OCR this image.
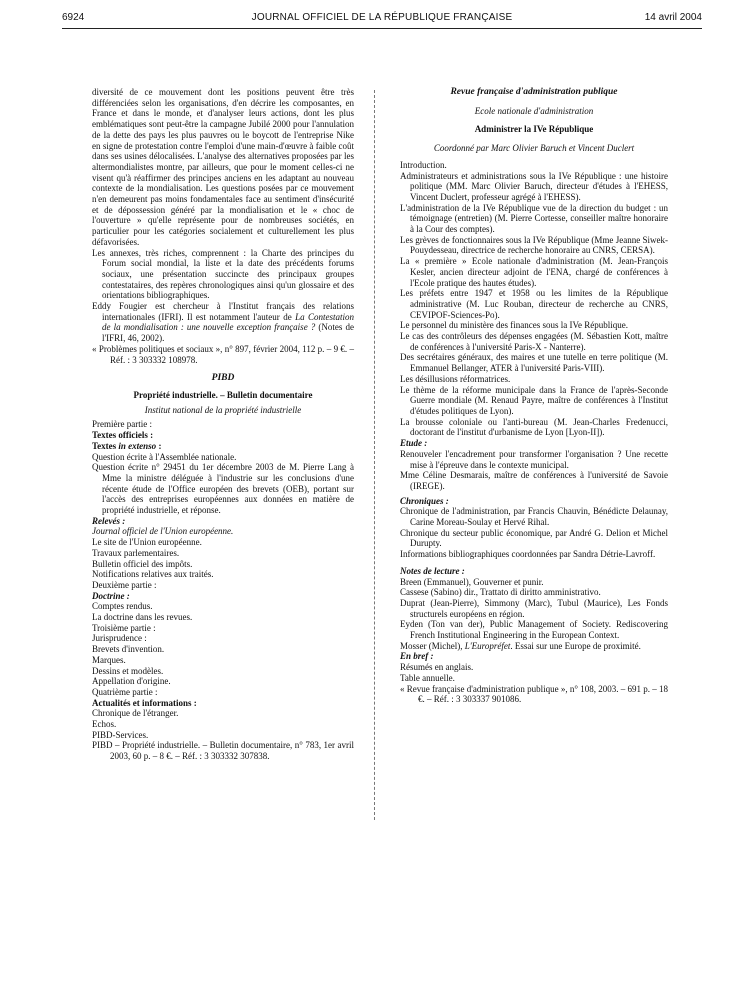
6924	JOURNAL OFFICIEL DE LA RÉPUBLIQUE FRANÇAISE	14 avril 2004

diversité de ce mouvement dont les positions peuvent être très différenciées selon les organisations, d'en décrire les composantes, en France et dans le monde, et d'analyser leurs actions, dont les plus emblématiques sont peut-être la campagne Jubilé 2000 pour l'annulation de la dette des pays les plus pauvres ou le boycott de l'entreprise Nike en signe de protestation contre l'emploi d'une main-d'œuvre à faible coût dans ses usines délocalisées. L'analyse des alternatives proposées par les altermondialistes montre, par ailleurs, que pour le moment celles-ci ne visent qu'à réaffirmer des principes anciens en les adaptant au nouveau contexte de la mondialisation. Les questions posées par ce mouvement n'en demeurent pas moins fondamentales face au sentiment d'insécurité et de dépossession généré par la mondialisation et le « choc de l'ouverture » qu'elle représente pour de nombreuses sociétés, en particulier pour les catégories socialement et culturellement les plus défavorisées.

Les annexes, très riches, comprennent : la Charte des principes du Forum social mondial, la liste et la date des précédents forums sociaux, une présentation succincte des principaux groupes contestataires, des repères chronologiques ainsi qu'un glossaire et des orientations bibliographiques.

Eddy Fougier est chercheur à l'Institut français des relations internationales (IFRI). Il est notamment l'auteur de La Contestation de la mondialisation : une nouvelle exception française ? (Notes de l'IFRI, 46, 2002).

« Problèmes politiques et sociaux », n° 897, février 2004, 112 p. – 9 €. – Réf. : 3 303332 108978.

PIBD

Propriété industrielle. – Bulletin documentaire

Institut national de la propriété industrielle

Première partie :

Textes officiels :

Textes in extenso :

Question écrite à l'Assemblée nationale.

Question écrite n° 29451 du 1er décembre 2003 de M. Pierre Lang à Mme la ministre déléguée à l'industrie sur les conclusions d'une récente étude de l'Office européen des brevets (OEB), portant sur l'accès des entreprises européennes aux données en matière de propriété industrielle, et réponse.

Relevés :

Journal officiel de l'Union européenne.

Le site de l'Union européenne.

Travaux parlementaires.

Bulletin officiel des impôts.

Notifications relatives aux traités.

Deuxième partie :

Doctrine :

Comptes rendus.

La doctrine dans les revues.

Troisième partie :

Jurisprudence :

Brevets d'invention.

Marques.

Dessins et modèles.

Appellation d'origine.

Quatrième partie :

Actualités et informations :

Chronique de l'étranger.

Echos.

PIBD-Services.

PIBD – Propriété industrielle. – Bulletin documentaire, n° 783, 1er avril 2003, 60 p. – 8 €. – Réf. : 3 303332 307838.

Revue française d'administration publique

Ecole nationale d'administration

Administrer la IVe République

Coordonné par Marc Olivier Baruch et Vincent Duclert

Introduction.

Administrateurs et administrations sous la IVe République : une histoire politique (MM. Marc Olivier Baruch, directeur d'études à l'EHESS, Vincent Duclert, professeur agrégé à l'EHESS).

L'administration de la IVe République vue de la direction du budget : un témoignage (entretien) (M. Pierre Cortesse, conseiller maître honoraire à la Cour des comptes).

Les grèves de fonctionnaires sous la IVe République (Mme Jeanne Siwek-Pouydesseau, directrice de recherche honoraire au CNRS, CERSA).

La « première » Ecole nationale d'administration (M. Jean-François Kesler, ancien directeur adjoint de l'ENA, chargé de conférences à l'Ecole pratique des hautes études).

Les préfets entre 1947 et 1958 ou les limites de la République administrative (M. Luc Rouban, directeur de recherche au CNRS, CEVIPOF-Sciences-Po).

Le personnel du ministère des finances sous la IVe République.

Le cas des contrôleurs des dépenses engagées (M. Sébastien Kott, maître de conférences à l'université Paris-X - Nanterre).

Des secrétaires généraux, des maires et une tutelle en terre politique (M. Emmanuel Bellanger, ATER à l'université Paris-VIII).

Les désillusions réformatrices.

Le thème de la réforme municipale dans la France de l'après-Seconde Guerre mondiale (M. Renaud Payre, maître de conférences à l'Institut d'études politiques de Lyon).

La brousse coloniale ou l'anti-bureau (M. Jean-Charles Fredenucci, doctorant de l'institut d'urbanisme de Lyon [Lyon-II]).

Etude :

Renouveler l'encadrement pour transformer l'organisation ? Une recette mise à l'épreuve dans le contexte municipal.

Mme Céline Desmarais, maître de conférences à l'université de Savoie (IREGE).

Chroniques :

Chronique de l'administration, par Francis Chauvin, Bénédicte Delaunay, Carine Moreau-Soulay et Hervé Rihal.

Chronique du secteur public économique, par André G. Delion et Michel Durupty.

Informations bibliographiques coordonnées par Sandra Détrie-Lavroff.

Notes de lecture :

Breen (Emmanuel), Gouverner et punir.

Cassese (Sabino) dir., Trattato di diritto amministrativo.

Duprat (Jean-Pierre), Simmony (Marc), Tubul (Maurice), Les Fonds structurels européens en région.

Eyden (Ton van der), Public Management of Society. Rediscovering French Institutional Engineering in the European Context.

Mosser (Michel), L'Europréfet. Essai sur une Europe de proximité.

En bref :

Résumés en anglais.

Table annuelle.

« Revue française d'administration publique », n° 108, 2003. – 691 p. – 18 €. – Réf. : 3 303337 901086.
